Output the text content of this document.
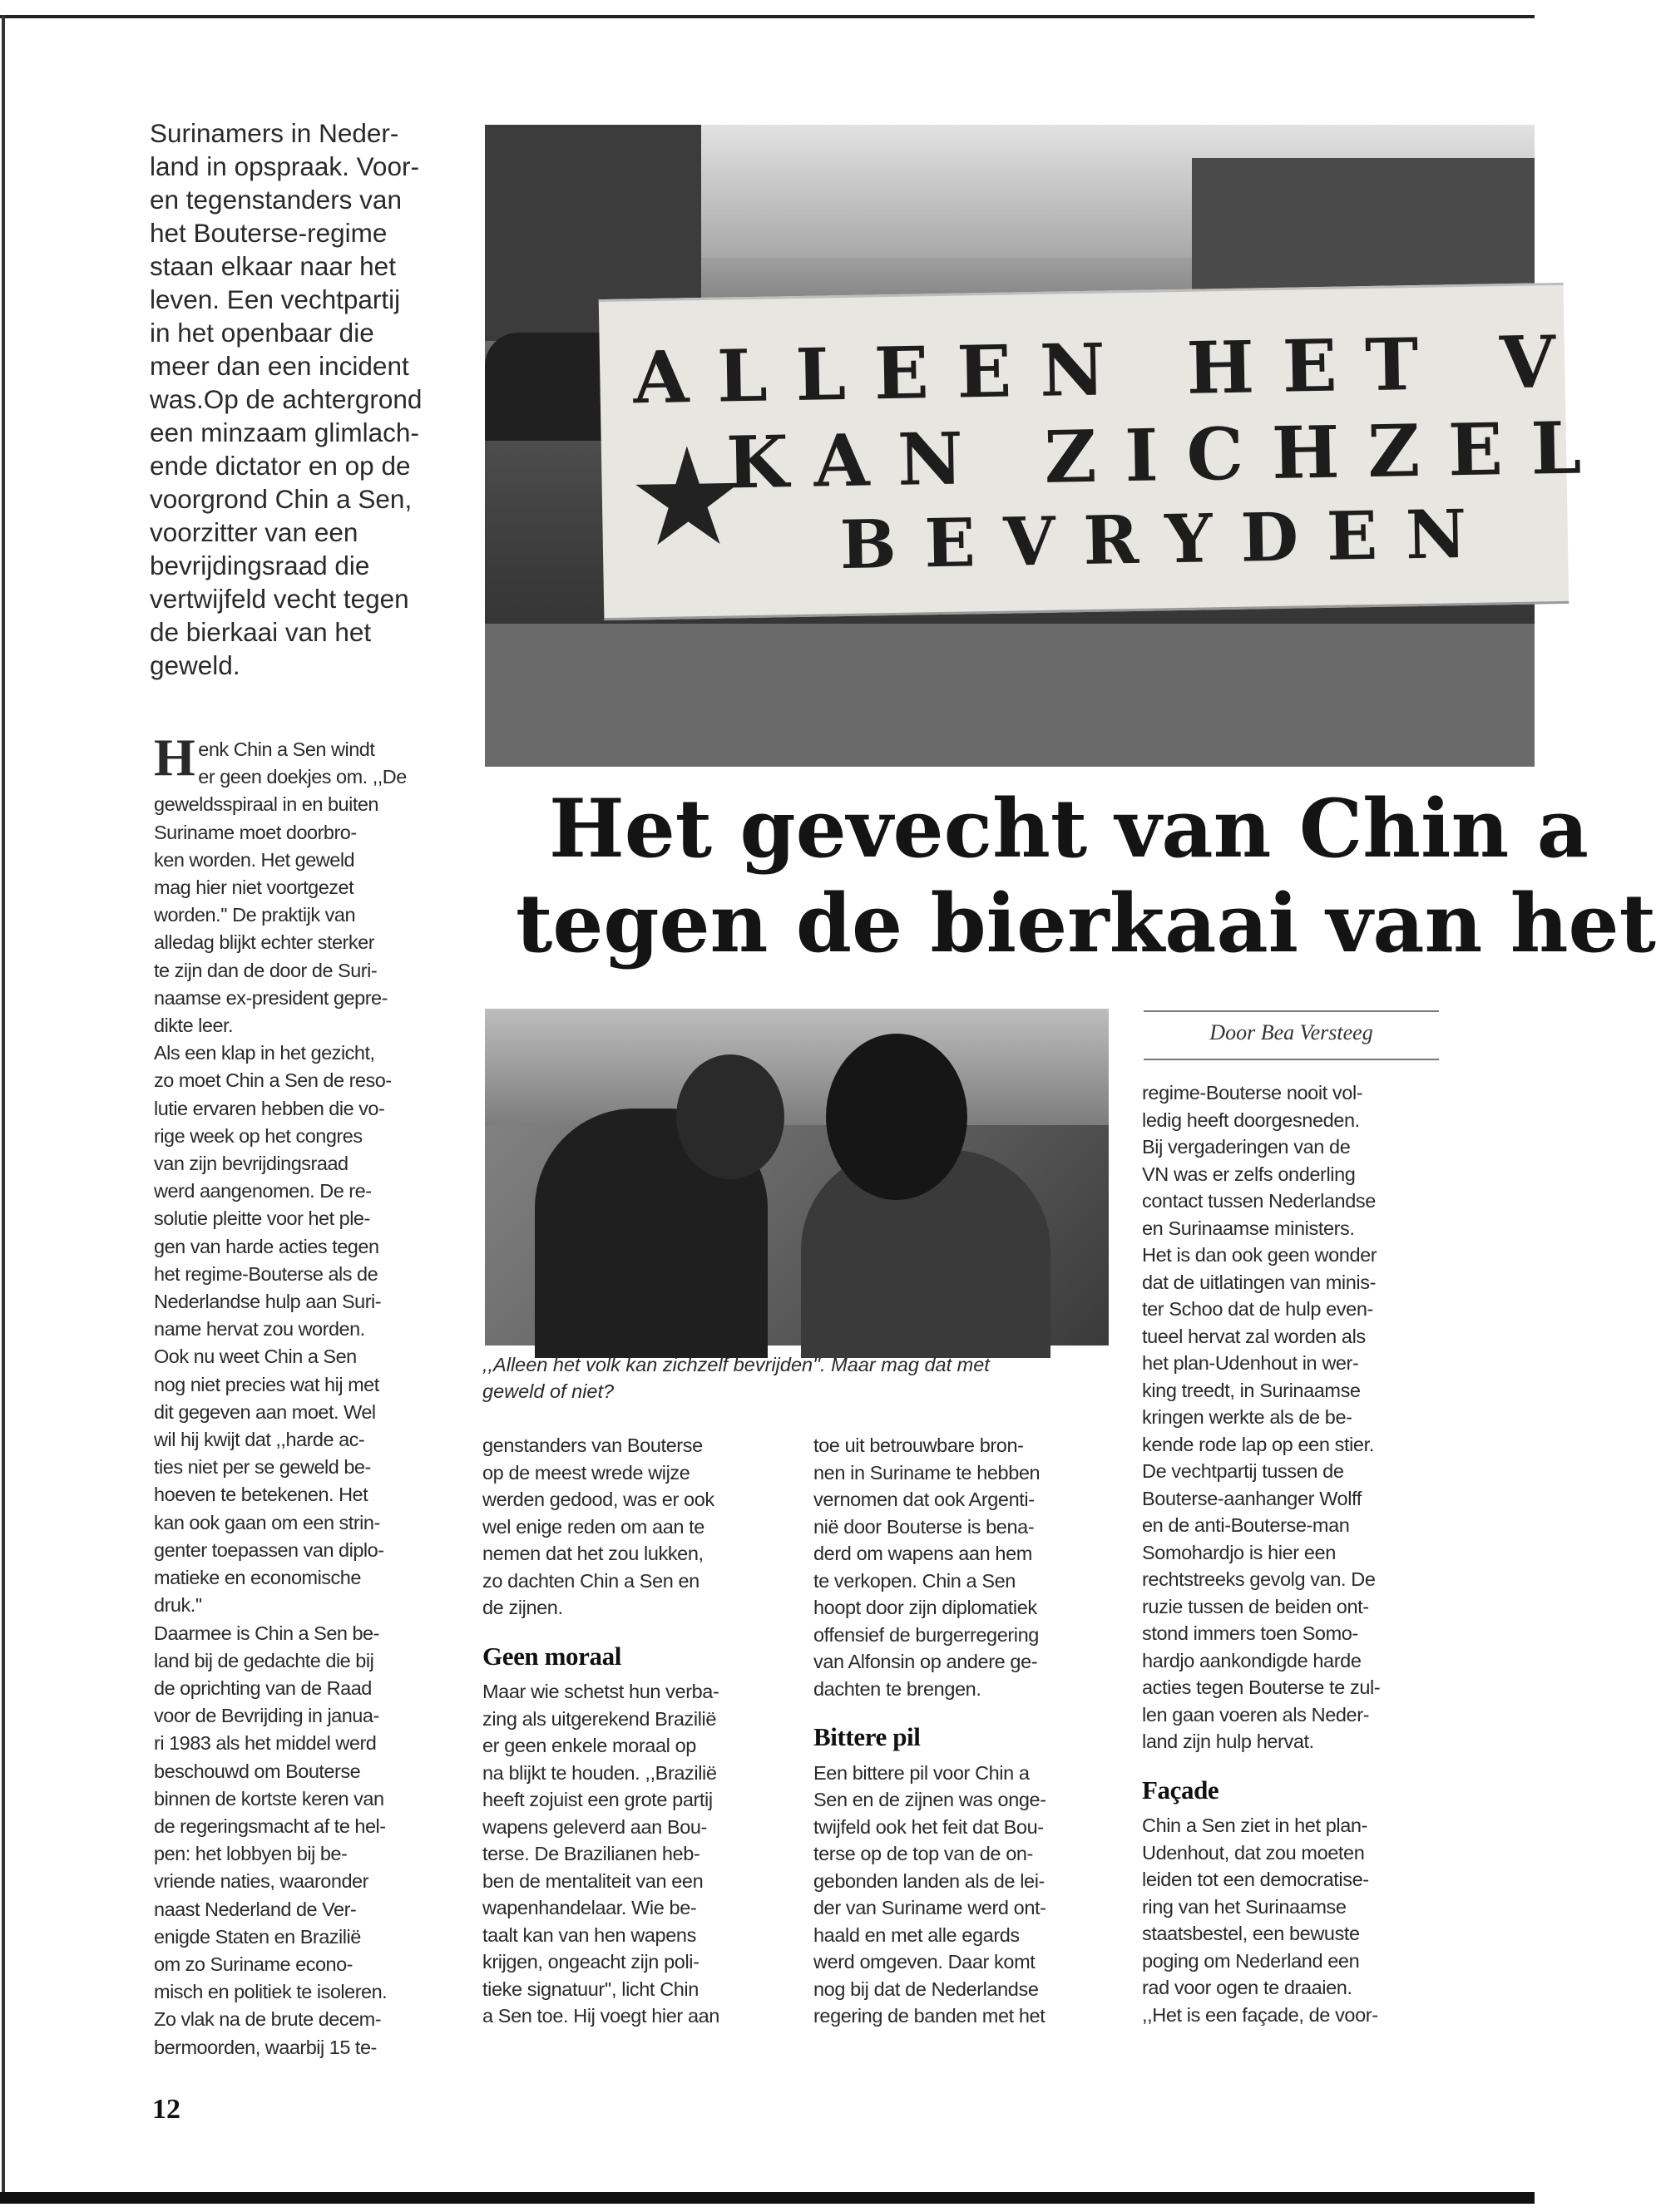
Surinamers in Neder-
land in opspraak. Voor-
en tegenstanders van
het Bouterse-regime
staan elkaar naar het
leven. Een vechtpartij
in het openbaar die
meer dan een incident
was.Op de achtergrond
een minzaam glimlach-
ende dictator en op de
voorgrond Chin a Sen,
voorzitter van een
bevrijdingsraad die
vertwijfeld vecht tegen
de bierkaai van het
geweld.

ALLEEN HET V
KAN ZICHZEL
BEVRYDEN
Het gevecht van Chin a

tegen de bierkaai van het
,,Alleen het volk kan zichzelf bevrijden''. Maar mag dat met
geweld of niet?
Door Bea Versteeg
H enk Chin a Sen windt
er geen doekjes om. ,,De
geweldsspiraal in en buiten
Suriname moet doorbro-
ken worden. Het geweld
mag hier niet voortgezet
worden.'' De praktijk van
alledag blijkt echter sterker
te zijn dan de door de Suri-
naamse ex-president gepre-
dikte leer.
Als een klap in het gezicht,
zo moet Chin a Sen de reso-
lutie ervaren hebben die vo-
rige week op het congres
van zijn bevrijdingsraad
werd aangenomen. De re-
solutie pleitte voor het ple-
gen van harde acties tegen
het regime-Bouterse als de
Nederlandse hulp aan Suri-
name hervat zou worden.
Ook nu weet Chin a Sen
nog niet precies wat hij met
dit gegeven aan moet. Wel
wil hij kwijt dat ,,harde ac-
ties niet per se geweld be-
hoeven te betekenen. Het
kan ook gaan om een strin-
genter toepassen van diplo-
matieke en economische
druk.''
Daarmee is Chin a Sen be-
land bij de gedachte die bij
de oprichting van de Raad
voor de Bevrijding in janua-
ri 1983 als het middel werd
beschouwd om Bouterse
binnen de kortste keren van
de regeringsmacht af te hel-
pen: het lobbyen bij be-
vriende naties, waaronder
naast Nederland de Ver-
enigde Staten en Brazilië
om zo Suriname econo-
misch en politiek te isoleren.
Zo vlak na de brute decem-
bermoorden, waarbij 15 te-

genstanders van Bouterse
op de meest wrede wijze
werden gedood, was er ook
wel enige reden om aan te
nemen dat het zou lukken,
zo dachten Chin a Sen en
de zijnen.

Geen moraal

Maar wie schetst hun verba-
zing als uitgerekend Brazilië
er geen enkele moraal op
na blijkt te houden. ,,Brazilië
heeft zojuist een grote partij
wapens geleverd aan Bou-
terse. De Brazilianen heb-
ben de mentaliteit van een
wapenhandelaar. Wie be-
taalt kan van hen wapens
krijgen, ongeacht zijn poli-
tieke signatuur'', licht Chin
a Sen toe. Hij voegt hier aan

toe uit betrouwbare bron-
nen in Suriname te hebben
vernomen dat ook Argenti-
nië door Bouterse is bena-
derd om wapens aan hem
te verkopen. Chin a Sen
hoopt door zijn diplomatiek
offensief de burgerregering
van Alfonsin op andere ge-
dachten te brengen.

Bittere pil

Een bittere pil voor Chin a
Sen en de zijnen was onge-
twijfeld ook het feit dat Bou-
terse op de top van de on-
gebonden landen als de lei-
der van Suriname werd ont-
haald en met alle egards
werd omgeven. Daar komt
nog bij dat de Nederlandse
regering de banden met het

regime-Bouterse nooit vol-
ledig heeft doorgesneden.
Bij vergaderingen van de
VN was er zelfs onderling
contact tussen Nederlandse
en Surinaamse ministers.
Het is dan ook geen wonder
dat de uitlatingen van minis-
ter Schoo dat de hulp even-
tueel hervat zal worden als
het plan-Udenhout in wer-
king treedt, in Surinaamse
kringen werkte als de be-
kende rode lap op een stier.
De vechtpartij tussen de
Bouterse-aanhanger Wolff
en de anti-Bouterse-man
Somohardjo is hier een
rechtstreeks gevolg van. De
ruzie tussen de beiden ont-
stond immers toen Somo-
hardjo aankondigde harde
acties tegen Bouterse te zul-
len gaan voeren als Neder-
land zijn hulp hervat.

Façade

Chin a Sen ziet in het plan-
Udenhout, dat zou moeten
leiden tot een democratise-
ring van het Surinaamse
staatsbestel, een bewuste
poging om Nederland een
rad voor ogen te draaien.
,,Het is een façade, de voor-

12
